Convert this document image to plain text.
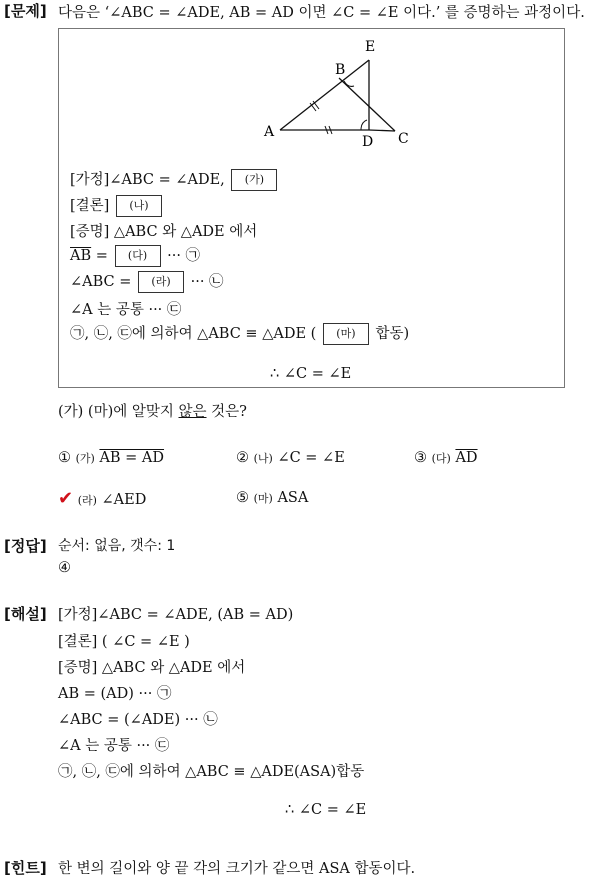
[문제] 다음은 ‘∠ABC = ∠ADE, AB = AD 이면 ∠C = ∠E 이다.’ 를 증명하는 과정이다.
E
B
A
D C
[가정]∠ABC = ∠ADE, (가)
[결론] (나)
[증명] △ABC 와 △ADE 에서
$\overline{AB}$ = (다) ··· ㉠
∠ABC = (라) ··· ㉡
∠A 는 공통 ··· ㉢
㉠, ㉡, ㉢에 의하여 △ABC ≡ △ADE ( (마) 합동)
∴ ∠C = ∠E
(가) (마)에 알맞지 않은 것은?
① (가) AB = AD	② (나) ∠C = ∠E	③ (다) $\overline{AD}$
✔ (라) ∠AED	⑤ (마) ASA
[정답] 순서: 없음, 갯수: 1
④
[해설] [가정]∠ABC = ∠ADE, (AB = AD)
[결론] ( ∠C = ∠E )
[증명] △ABC 와 △ADE 에서
AB = (AD) ··· ㉠
∠ABC = (∠ADE) ··· ㉡
∠A 는 공통 ··· ㉢
㉠, ㉡, ㉢에 의하여 △ABC ≡ △ADE(ASA)합동
∴ ∠C = ∠E
[힌트] 한 변의 길이와 양 끝 각의 크기가 같으면 ASA 합동이다.
